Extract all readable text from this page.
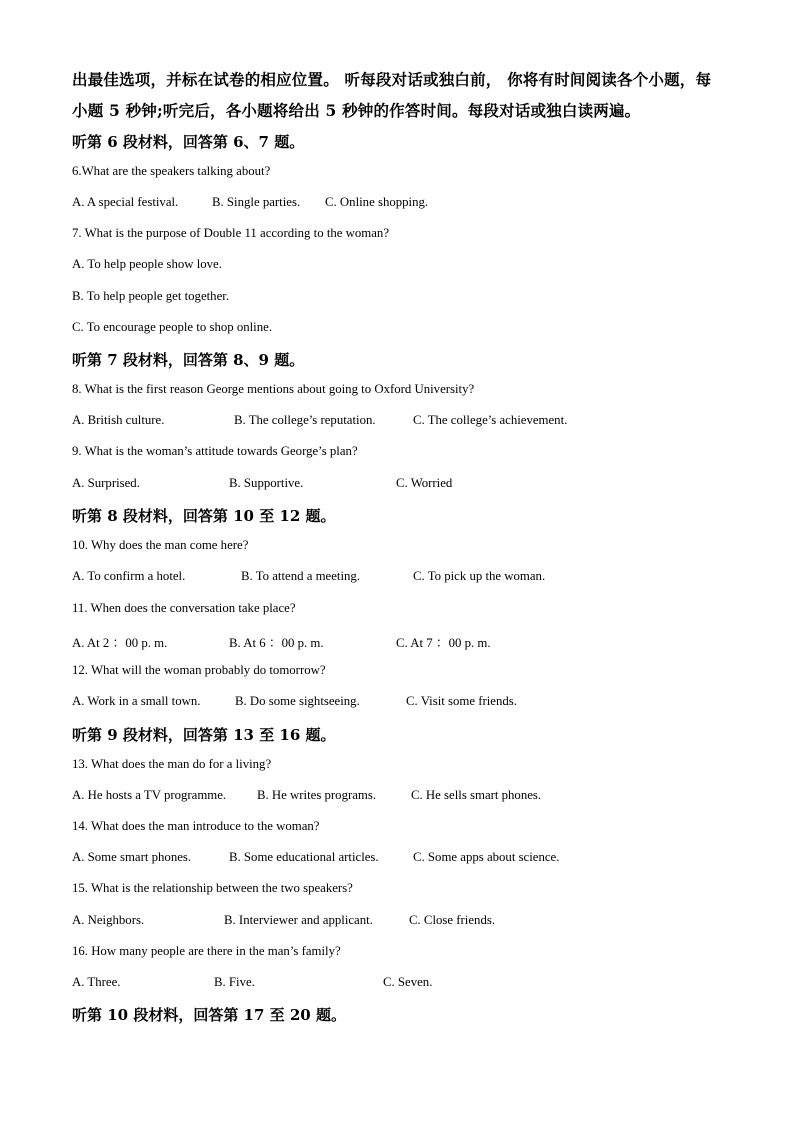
出最佳选项，并标在试卷的相应位置。 听每段对话或独白前， 你将有时间阅读各个小题，每
小题 5 秒钟;听完后，各小题将给出 5 秒钟的作答时间。每段对话或独白读两遍。
听第 6 段材料，回答第 6、7 题。
6.What are the speakers talking about?
A. A special festival.	B. Single parties. C. Online shopping.
7. What is the purpose of Double 11 according to the woman?
A. To help people show love.
B. To help people get together.
C. To encourage people to shop online.
听第 7 段材料，回答第 8、9 题。
8. What is the first reason George mentions about going to Oxford University?
A. British culture.	B. The college’s reputation.	C. The college’s achievement.
9. What is the woman’s attitude towards George’s plan?
A. Surprised.	B. Supportive.	C. Worried
听第 8 段材料，回答第 10 至 12 题。
10. Why does the man come here?
A. To confirm a hotel.	B. To attend a meeting.	C. To pick up the woman.
11. When does the conversation take place?
A. At 2 ：00 p. m.	B. At 6 ：00 p. m.	C. At 7 ：00 p. m.
12. What will the woman probably do tomorrow?
A. Work in a small town.	B. Do some sightseeing.	C. Visit some friends.
听第 9 段材料，回答第 13 至 16 题。
13. What does the man do for a living?
A. He hosts a TV programme. B. He writes programs.	C. He sells smart phones.
14. What does the man introduce to the woman?
A. Some smart phones.	B. Some educational articles.	C. Some apps about science.
15. What is the relationship between the two speakers?
A. Neighbors.	B. Interviewer and applicant.	C. Close friends.
16. How many people are there in the man’s family?
A. Three.	B. Five.	C. Seven.
听第 10 段材料，回答第 17 至 20 题。
